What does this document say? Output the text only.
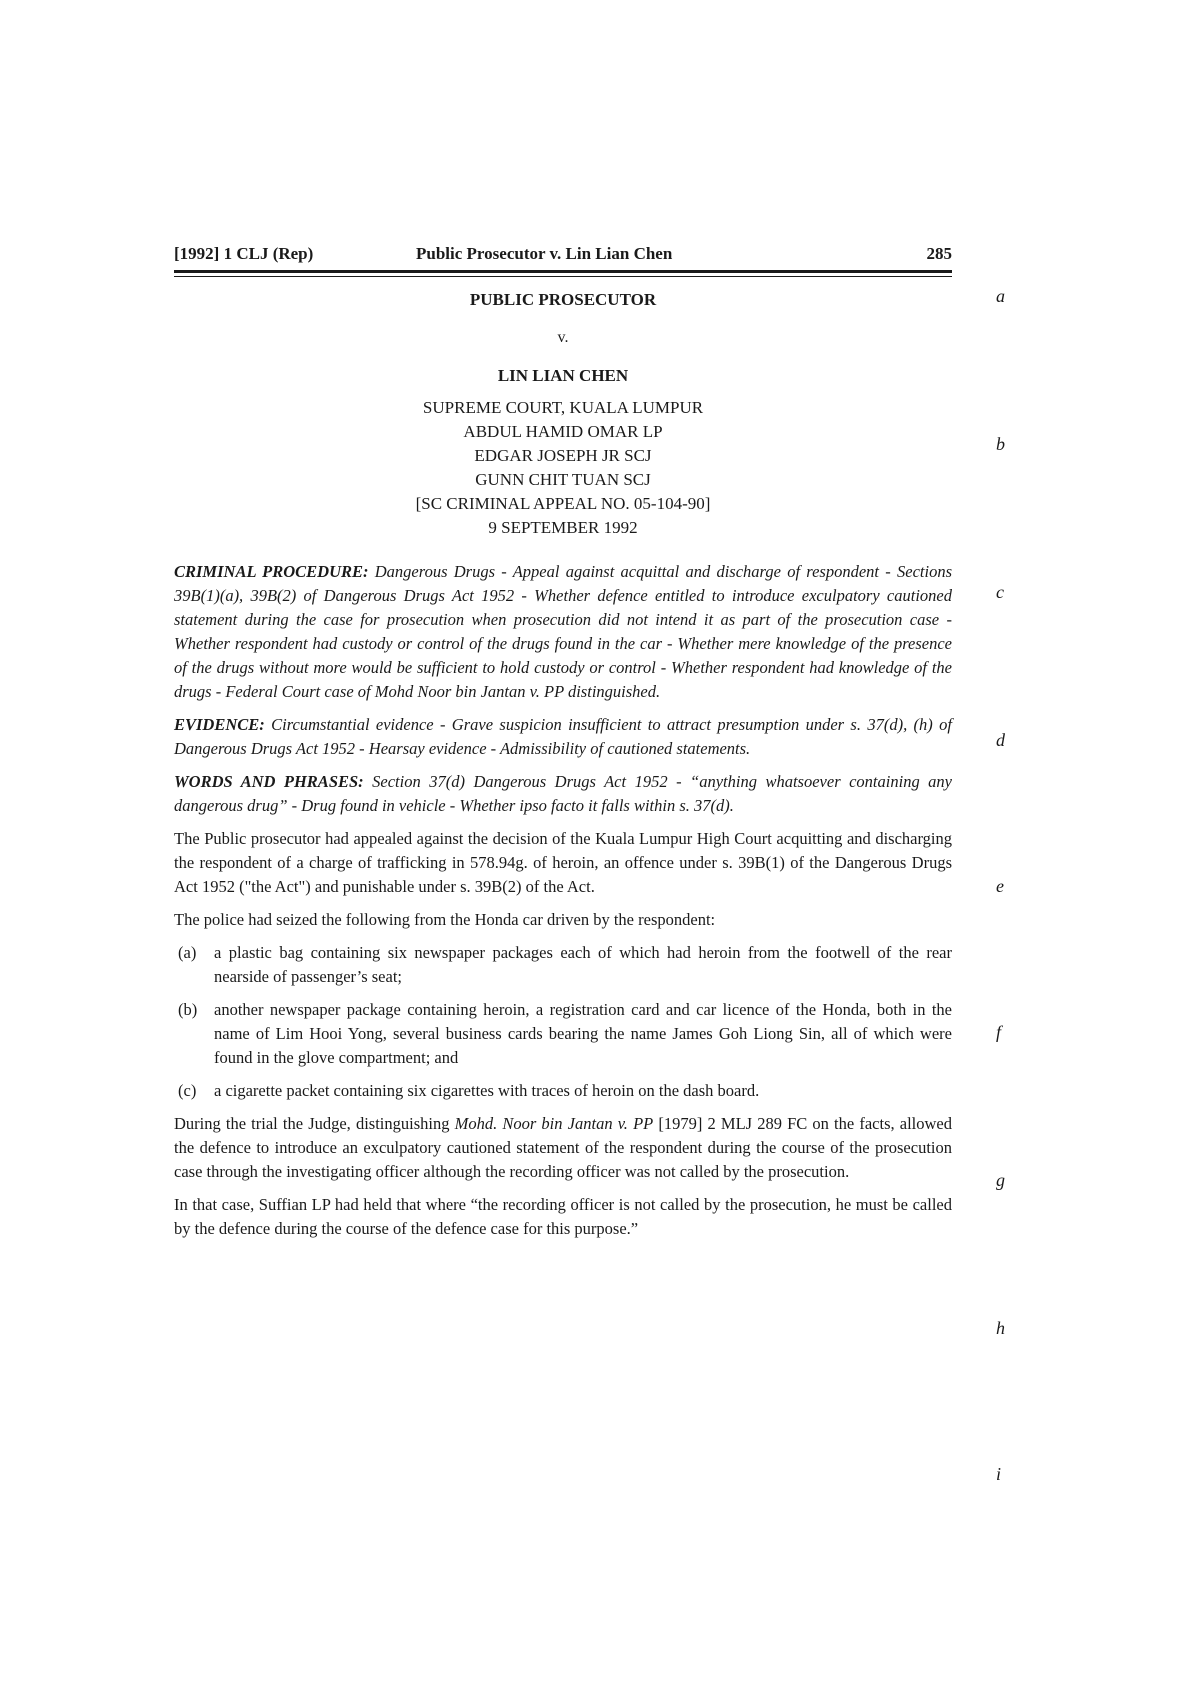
[1992] 1 CLJ (Rep)	Public Prosecutor v. Lin Lian Chen	285

PUBLIC PROSECUTOR

v.

LIN LIAN CHEN

SUPREME COURT, KUALA LUMPUR

ABDUL HAMID OMAR LP

EDGAR JOSEPH JR SCJ

GUNN CHIT TUAN SCJ

[SC CRIMINAL APPEAL NO. 05-104-90]

9 SEPTEMBER 1992

CRIMINAL PROCEDURE: Dangerous Drugs - Appeal against acquittal and discharge of respondent - Sections 39B(1)(a), 39B(2) of Dangerous Drugs Act 1952 - Whether defence entitled to introduce exculpatory cautioned statement during the case for prosecution when prosecution did not intend it as part of the prosecution case - Whether respondent had custody or control of the drugs found in the car - Whether mere knowledge of the presence of the drugs without more would be sufficient to hold custody or control - Whether respondent had knowledge of the drugs - Federal Court case of Mohd Noor bin Jantan v. PP distinguished.

EVIDENCE: Circumstantial evidence - Grave suspicion insufficient to attract presumption under s. 37(d), (h) of Dangerous Drugs Act 1952 - Hearsay evidence - Admissibility of cautioned statements.

WORDS AND PHRASES: Section 37(d) Dangerous Drugs Act 1952 - “anything whatsoever containing any dangerous drug” - Drug found in vehicle - Whether ipso facto it falls within s. 37(d).

The Public prosecutor had appealed against the decision of the Kuala Lumpur High Court acquitting and discharging the respondent of a charge of trafficking in 578.94g. of heroin, an offence under s. 39B(1) of the Dangerous Drugs Act 1952 ("the Act") and punishable under s. 39B(2) of the Act.

The police had seized the following from the Honda car driven by the respondent:

(a) a plastic bag containing six newspaper packages each of which had heroin from the footwell of the rear nearside of passenger’s seat;
(b) another newspaper package containing heroin, a registration card and car licence of the Honda, both in the name of Lim Hooi Yong, several business cards bearing the name James Goh Liong Sin, all of which were found in the glove compartment; and
(c) a cigarette packet containing six cigarettes with traces of heroin on the dash board.

During the trial the Judge, distinguishing Mohd. Noor bin Jantan v. PP [1979] 2 MLJ 289 FC on the facts, allowed the defence to introduce an exculpatory cautioned statement of the respondent during the course of the prosecution case through the investigating officer although the recording officer was not called by the prosecution.

In that case, Suffian LP had held that where “the recording officer is not called by the prosecution, he must be called by the defence during the course of the defence case for this purpose.”

a
b
c
d
e
f
g
h
i
